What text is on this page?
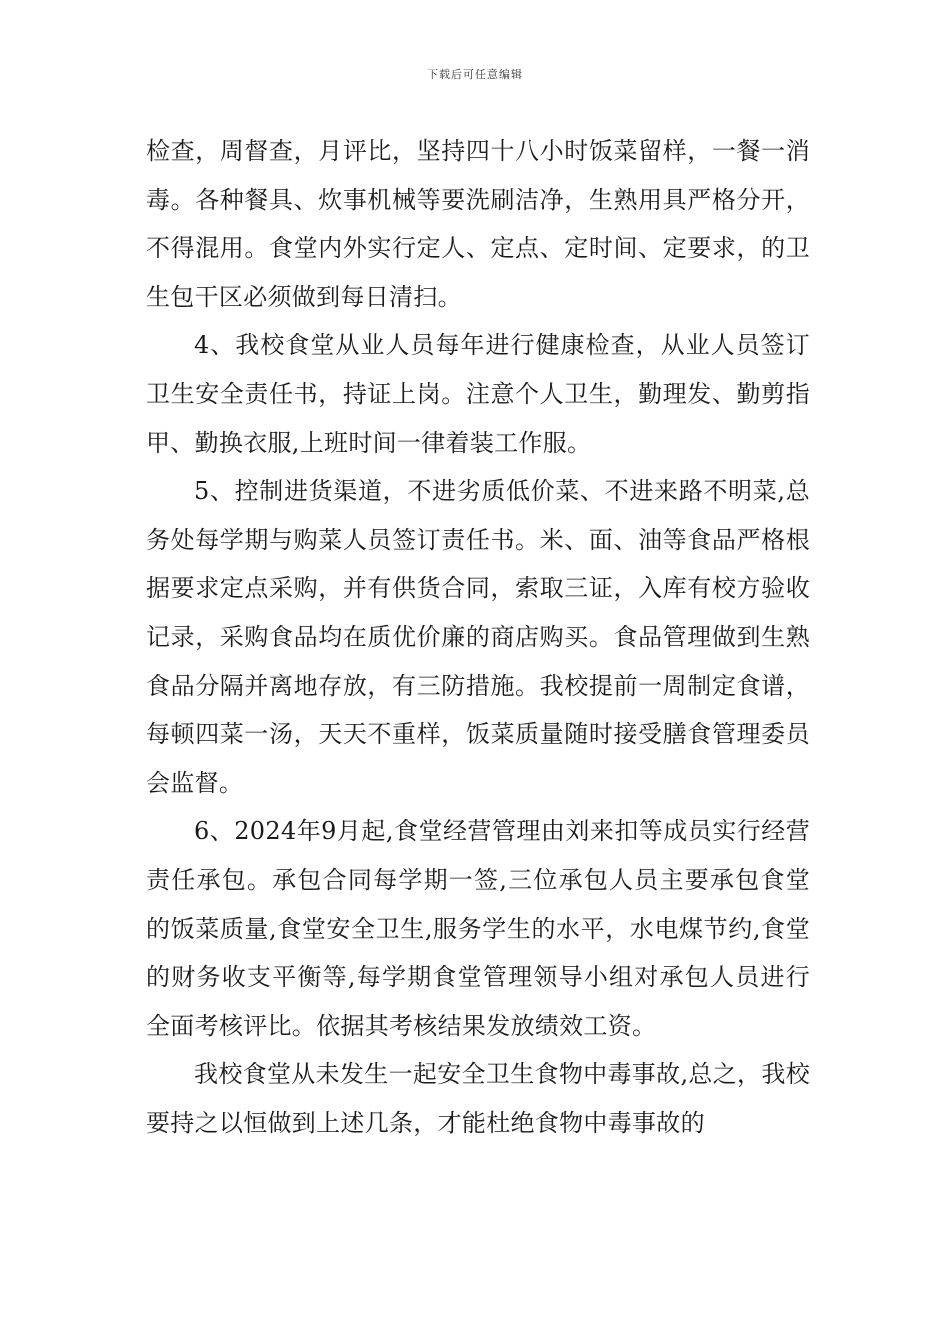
下载后可任意编辑

检查，周督查，月评比，坚持四十八小时饭菜留样，一餐一消毒。各种餐具、炊事机械等要洗刷洁净，生熟用具严格分开，不得混用。食堂内外实行定人、定点、定时间、定要求，的卫生包干区必须做到每日清扫。

4、我校食堂从业人员每年进行健康检查，从业人员签订卫生安全责任书，持证上岗。注意个人卫生，勤理发、勤剪指甲、勤换衣服,上班时间一律着装工作服。

5、控制进货渠道，不进劣质低价菜、不进来路不明菜,总务处每学期与购菜人员签订责任书。米、面、油等食品严格根据要求定点采购，并有供货合同，索取三证，入库有校方验收记录，采购食品均在质优价廉的商店购买。食品管理做到生熟食品分隔并离地存放，有三防措施。我校提前一周制定食谱，每顿四菜一汤，天天不重样，饭菜质量随时接受膳食管理委员会监督。

6、2024年9月起,食堂经营管理由刘来扣等成员实行经营责任承包。承包合同每学期一签,三位承包人员主要承包食堂的饭菜质量,食堂安全卫生,服务学生的水平，水电煤节约,食堂的财务收支平衡等,每学期食堂管理领导小组对承包人员进行全面考核评比。依据其考核结果发放绩效工资。

我校食堂从未发生一起安全卫生食物中毒事故,总之，我校要持之以恒做到上述几条，才能杜绝食物中毒事故的
